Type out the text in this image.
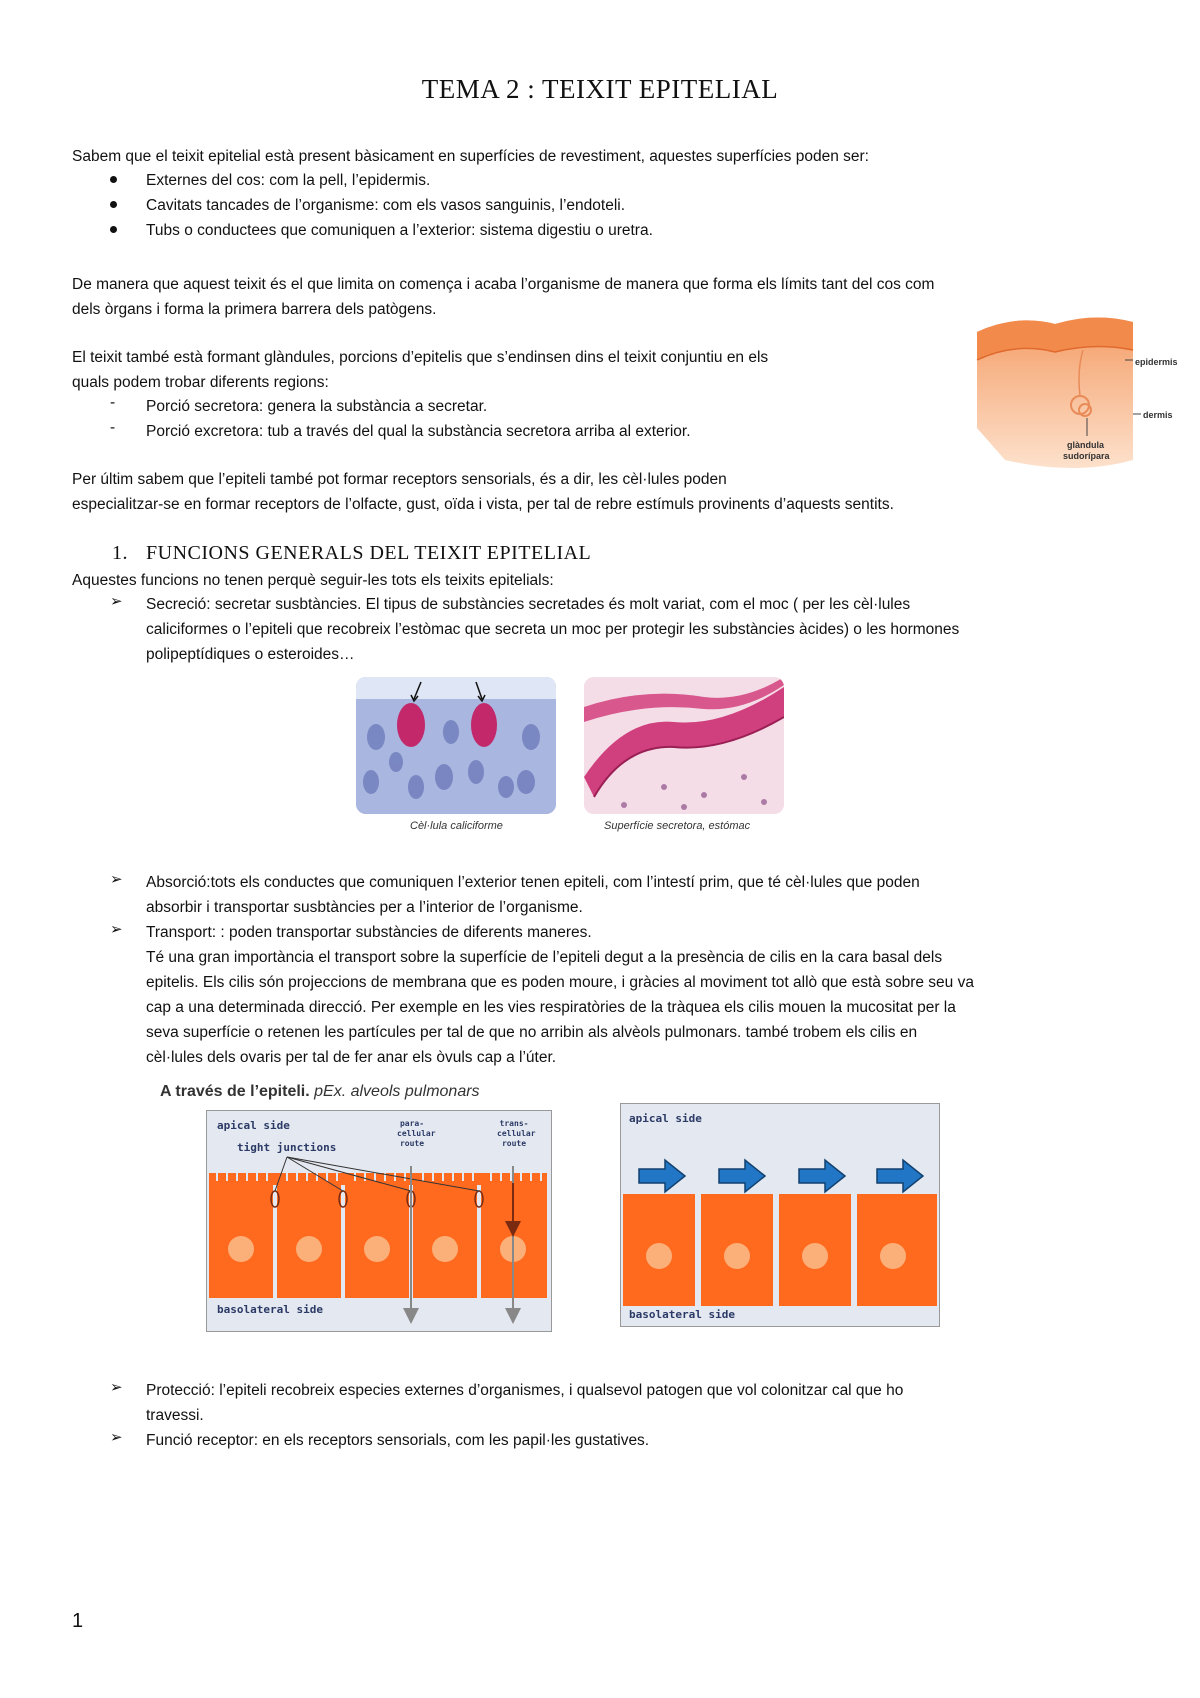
TEMA 2 : TEIXIT EPITELIAL
Sabem que el teixit epitelial està present bàsicament en superfícies de revestiment, aquestes superfícies poden ser:
Externes del cos: com la pell, l’epidermis.
Cavitats tancades de l’organisme: com els vasos sanguinis, l’endoteli.
Tubs o conductees que comuniquen a l’exterior: sistema digestiu o uretra.
De manera que aquest teixit és el que limita on comença i acaba l’organisme de manera que forma els límits tant del cos com
dels òrgans i forma la primera barrera dels patògens.
El teixit també està formant glàndules, porcions d’epitelis que s’endinsen dins el teixit conjuntiu en els
quals podem trobar diferents regions:
- Porció secretora: genera la substància a secretar.
- Porció excretora: tub a través del qual la substància secretora arriba al exterior.
epidermis
dermis
glàndula
sudorípara
Per últim sabem que l’epiteli també pot formar receptors sensorials, és a dir, les cèl·lules poden
especialitzar-se en formar receptors de l’olfacte, gust, oïda i vista, per tal de rebre estímuls provinents d’aquests sentits.
1. FUNCIONS GENERALS DEL TEIXIT EPITELIAL
Aquestes funcions no tenen perquè seguir-les tots els teixits epitelials:
➢ Secreció: secretar susbtàncies. El tipus de substàncies secretades és molt variat, com el moc ( per les cèl·lules
caliciformes o l’epiteli que recobreix l’estòmac que secreta un moc per protegir les substàncies àcides) o les hormones
polipeptídiques o esteroides…
Cèl·lula caliciforme	Superfície secretora, estómac
➢ Absorció:tots els conductes que comuniquen l’exterior tenen epiteli, com l’intestí prim, que té cèl·lules que poden
absorbir i transportar susbtàncies per a l’interior de l’organisme.
➢ Transport: : poden transportar substàncies de diferents maneres.
Té una gran importància el transport sobre la superfície de l’epiteli degut a la presència de cilis en la cara basal dels
epitelis. Els cilis són projeccions de membrana que es poden moure, i gràcies al moviment tot allò que està sobre seu va
cap a una determinada direcció. Per exemple en les vies respiratòries de la tràquea els cilis mouen la mucositat per la
seva superfície o retenen les partícules per tal de que no arribin als alvèols pulmonars. també trobem els cilis en
cèl·lules dels ovaris per tal de fer anar els òvuls cap a l’úter.
A través de l’epiteli. pEx. alveols pulmonars
apical side
tight junctions
para-
cellular
route
trans-
cellular
route
basolateral side
apical side
basolateral side
➢ Protecció: l’epiteli recobreix especies externes d’organismes, i qualsevol patogen que vol colonitzar cal que ho
travessi.
➢ Funció receptor: en els receptors sensorials, com les papil·les gustatives.
1
